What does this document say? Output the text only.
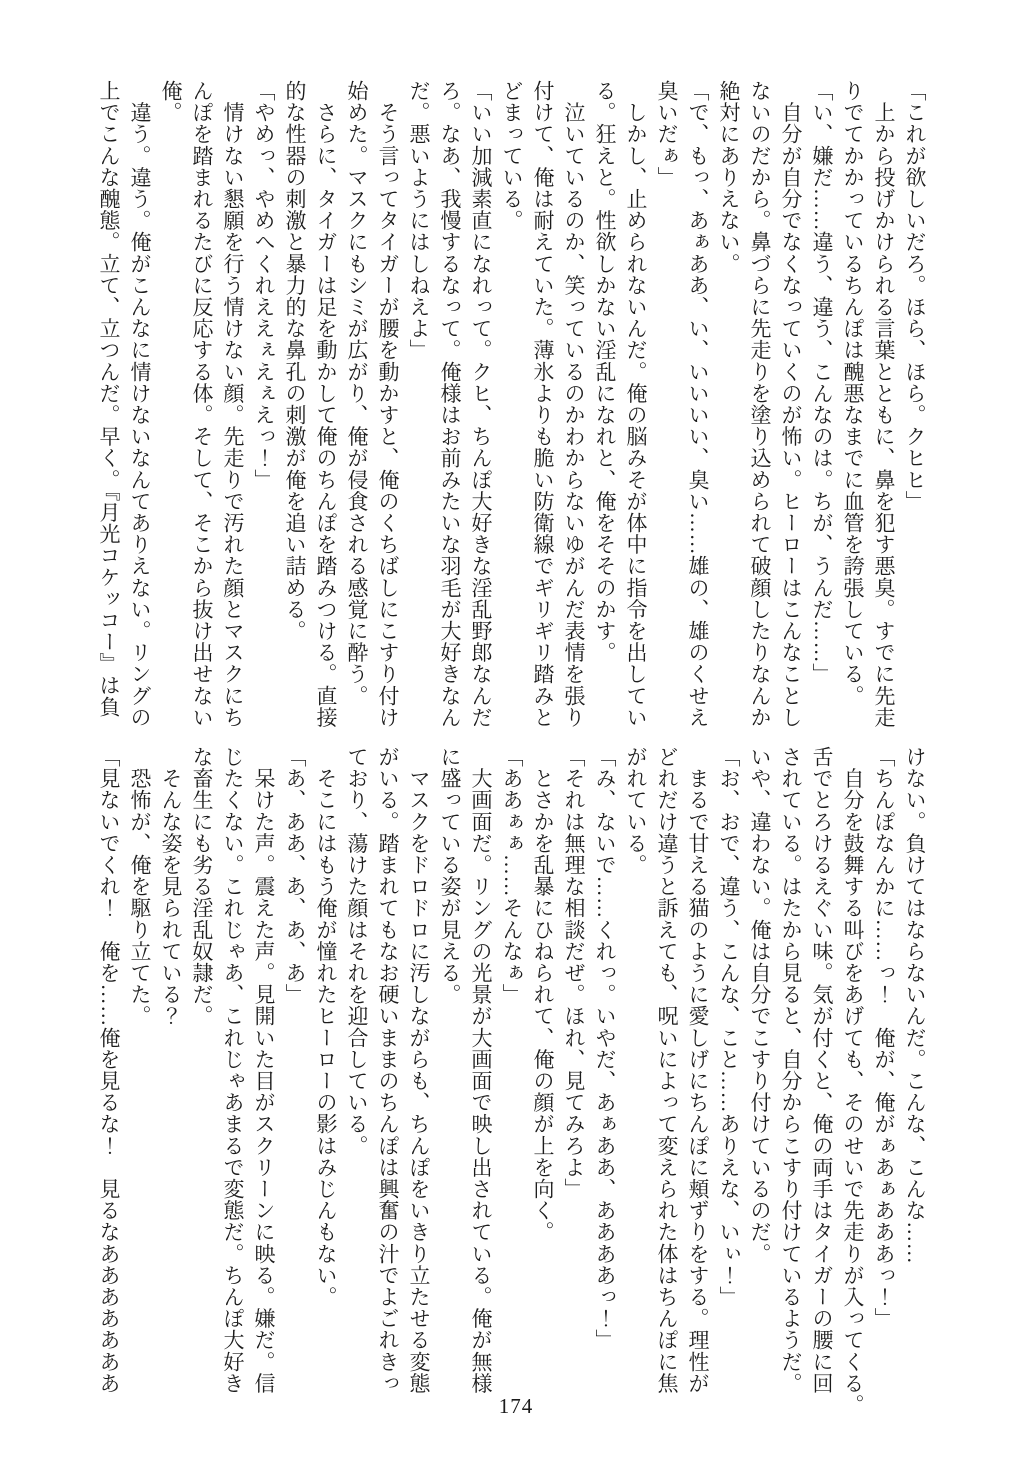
「これが欲しいだろ。ほら、ほら。クヒヒ」

　上から投げかけられる言葉とともに、鼻を犯す悪臭。すでに先走
りでてかかっているちんぽは醜悪なまでに血管を誇張している。

「い、嫌だ……違う、違う、こんなのは。ちが、うんだ……」

　自分が自分でなくなっていくのが怖い。ヒーローはこんなことし
ないのだから。鼻づらに先走りを塗り込められて破顔したりなんか
絶対にありえない。

「で、もっ、あぁああ、い、いいいい、臭い……雄の、雄のくせえ
臭いだぁ」

　しかし、止められないんだ。俺の脳みそが体中に指令を出してい
る。狂えと。性欲しかない淫乱になれと、俺をそそのかす。

　泣いているのか、笑っているのかわからないゆがんだ表情を張り
付けて、俺は耐えていた。薄氷よりも脆い防衛線でギリギリ踏みと
どまっている。

「いい加減素直になれって。クヒ、ちんぽ大好きな淫乱野郎なんだ
ろ。なあ、我慢するなって。俺様はお前みたいな羽毛が大好きなん
だ。悪いようにはしねえよ」

　そう言ってタイガーが腰を動かすと、俺のくちばしにこすり付け
始めた。マスクにもシミが広がり、俺が侵食される感覚に酔う。

　さらに、タイガーは足を動かして俺のちんぽを踏みつける。直接
的な性器の刺激と暴力的な鼻孔の刺激が俺を追い詰める。

「やめっ、やめへくれええぇえぇえっ！」

　情けない懇願を行う情けない顔。先走りで汚れた顔とマスクにち
んぽを踏まれるたびに反応する体。そして、そこから抜け出せない
俺。

　違う。違う。俺がこんなに情けないなんてありえない。リングの
上でこんな醜態。立て、立つんだ。早く。『月光コケッコー』は負

けない。負けてはならないんだ。こんな、こんな……

「ちんぽなんかに……っ！　俺が、俺がぁあぁあああっ！」

　自分を鼓舞する叫びをあげても、そのせいで先走りが入ってくる。
舌でとろけるえぐい味。気が付くと、俺の両手はタイガーの腰に回
されている。はたから見ると、自分からこすり付けているようだ。
いや、違わない。俺は自分でこすり付けているのだ。

「お、おで、違う、こんな、こと……ありえな、いぃ！」

　まるで甘える猫のように愛しげにちんぽに頬ずりをする。理性が
どれだけ違うと訴えても、呪いによって変えられた体はちんぽに焦
がれている。

「み、ないで……くれっ。いやだ、あぁああ、ああああっ！」

「それは無理な相談だぜ。ほれ、見てみろよ」

　とさかを乱暴にひねられて、俺の顔が上を向く。

「ああぁぁ……そんなぁ」

　大画面だ。リングの光景が大画面で映し出されている。俺が無様
に盛っている姿が見える。

　マスクをドロドロに汚しながらも、ちんぽをいきり立たせる変態
がいる。踏まれてもなお硬いままのちんぽは興奮の汁でよごれきっ
ており、蕩けた顔はそれを迎合している。

　そこにはもう俺が憧れたヒーローの影はみじんもない。

「あ、ああ、あ、あ、あ」

　呆けた声。震えた声。見開いた目がスクリーンに映る。嫌だ。信
じたくない。これじゃあ、これじゃあまるで変態だ。ちんぽ大好き
な畜生にも劣る淫乱奴隷だ。

　そんな姿を見られている？

　恐怖が、俺を駆り立てた。

「見ないでくれ！　俺を……俺を見るな！　見るなあああああああ

174
